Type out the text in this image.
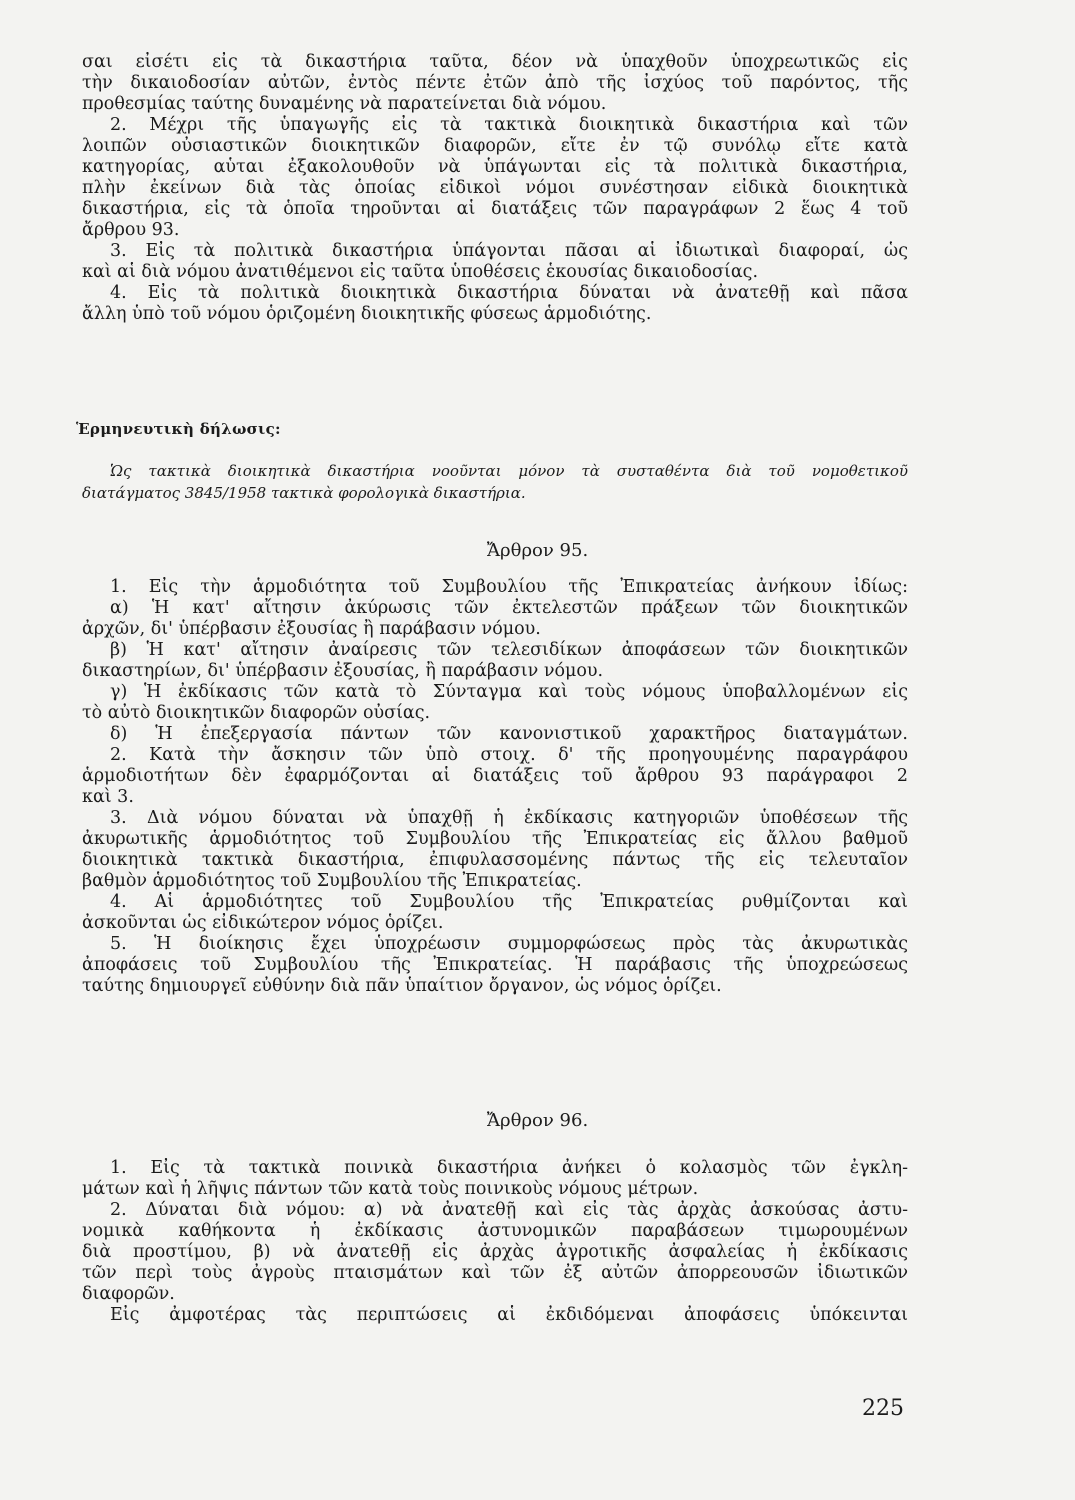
σαι εἰσέτι εἰς τὰ δικαστήρια ταῦτα, δέον νὰ ὑπαχθοῦν ὑποχρεωτικῶς εἰς
τὴν δικαιοδοσίαν αὐτῶν, ἐντὸς πέντε ἐτῶν ἀπὸ τῆς ἰσχύος τοῦ παρόντος, τῆς
προθεσμίας ταύτης δυναμένης νὰ παρατείνεται διὰ νόμου.
2. Μέχρι τῆς ὑπαγωγῆς εἰς τὰ τακτικὰ διοικητικὰ δικαστήρια καὶ τῶν
λοιπῶν οὐσιαστικῶν διοικητικῶν διαφορῶν, εἴτε ἐν τῷ συνόλῳ εἴτε κατὰ
κατηγορίας, αὗται ἐξακολουθοῦν νὰ ὑπάγωνται εἰς τὰ πολιτικὰ δικαστήρια,
πλὴν ἐκείνων διὰ τὰς ὁποίας εἰδικοὶ νόμοι συνέστησαν εἰδικὰ διοικητικὰ
δικαστήρια, εἰς τὰ ὁποῖα τηροῦνται αἱ διατάξεις τῶν παραγράφων 2 ἕως 4 τοῦ
ἄρθρου 93.
3. Εἰς τὰ πολιτικὰ δικαστήρια ὑπάγονται πᾶσαι αἱ ἰδιωτικαὶ διαφοραί, ὡς
καὶ αἱ διὰ νόμου ἀνατιθέμενοι εἰς ταῦτα ὑποθέσεις ἑκουσίας δικαιοδοσίας.
4. Εἰς τὰ πολιτικὰ διοικητικὰ δικαστήρια δύναται νὰ ἀνατεθῇ καὶ πᾶσα
ἄλλη ὑπὸ τοῦ νόμου ὁριζομένη διοικητικῆς φύσεως ἁρμοδιότης.
Ἑρμηνευτικὴ δήλωσις:
Ὡς τακτικὰ διοικητικὰ δικαστήρια νοοῦνται μόνον τὰ συσταθέντα διὰ τοῦ νομοθετικοῦ
διατάγματος 3845/1958 τακτικὰ φορολογικὰ δικαστήρια.
Ἄρθρον 95.
1. Εἰς τὴν ἁρμοδιότητα τοῦ Συμβουλίου τῆς Ἐπικρατείας ἀνήκουν ἰδίως:
α) Ἡ κατ' αἴτησιν ἀκύρωσις τῶν ἐκτελεστῶν πράξεων τῶν διοικητικῶν
ἀρχῶν, δι' ὑπέρβασιν ἐξουσίας ἢ παράβασιν νόμου.
β) Ἡ κατ' αἴτησιν ἀναίρεσις τῶν τελεσιδίκων ἀποφάσεων τῶν διοικητικῶν
δικαστηρίων, δι' ὑπέρβασιν ἐξουσίας, ἢ παράβασιν νόμου.
γ) Ἡ ἐκδίκασις τῶν κατὰ τὸ Σύνταγμα καὶ τοὺς νόμους ὑποβαλλομένων εἰς
τὸ αὐτὸ διοικητικῶν διαφορῶν οὐσίας.
δ) Ἡ ἐπεξεργασία πάντων τῶν κανονιστικοῦ χαρακτῆρος διαταγμάτων.
2. Κατὰ τὴν ἄσκησιν τῶν ὑπὸ στοιχ. δ' τῆς προηγουμένης παραγράφου
ἁρμοδιοτήτων δὲν ἐφαρμόζονται αἱ διατάξεις τοῦ ἄρθρου 93 παράγραφοι 2
καὶ 3.
3. Διὰ νόμου δύναται νὰ ὑπαχθῇ ἡ ἐκδίκασις κατηγοριῶν ὑποθέσεων τῆς
ἀκυρωτικῆς ἁρμοδιότητος τοῦ Συμβουλίου τῆς Ἐπικρατείας εἰς ἄλλου βαθμοῦ
διοικητικὰ τακτικὰ δικαστήρια, ἐπιφυλασσομένης πάντως τῆς εἰς τελευταῖον
βαθμὸν ἁρμοδιότητος τοῦ Συμβουλίου τῆς Ἐπικρατείας.
4. Αἱ ἁρμοδιότητες τοῦ Συμβουλίου τῆς Ἐπικρατείας ρυθμίζονται καὶ
ἀσκοῦνται ὡς εἰδικώτερον νόμος ὁρίζει.
5. Ἡ διοίκησις ἔχει ὑποχρέωσιν συμμορφώσεως πρὸς τὰς ἀκυρωτικὰς
ἀποφάσεις τοῦ Συμβουλίου τῆς Ἐπικρατείας. Ἡ παράβασις τῆς ὑποχρεώσεως
ταύτης δημιουργεῖ εὐθύνην διὰ πᾶν ὑπαίτιον ὄργανον, ὡς νόμος ὁρίζει.
Ἄρθρον 96.
1. Εἰς τὰ τακτικὰ ποινικὰ δικαστήρια ἀνήκει ὁ κολασμὸς τῶν ἐγκλη-
μάτων καὶ ἡ λῆψις πάντων τῶν κατὰ τοὺς ποινικοὺς νόμους μέτρων.
2. Δύναται διὰ νόμου: α) νὰ ἀνατεθῇ καὶ εἰς τὰς ἀρχὰς ἀσκούσας ἀστυ-
νομικὰ καθήκοντα ἡ ἐκδίκασις ἀστυνομικῶν παραβάσεων τιμωρουμένων
διὰ προστίμου, β) νὰ ἀνατεθῇ εἰς ἀρχὰς ἀγροτικῆς ἀσφαλείας ἡ ἐκδίκασις
τῶν περὶ τοὺς ἀγροὺς πταισμάτων καὶ τῶν ἐξ αὐτῶν ἀπορρεουσῶν ἰδιωτικῶν
διαφορῶν.
Εἰς ἀμφοτέρας τὰς περιπτώσεις αἱ ἐκδιδόμεναι ἀποφάσεις ὑπόκεινται
225
